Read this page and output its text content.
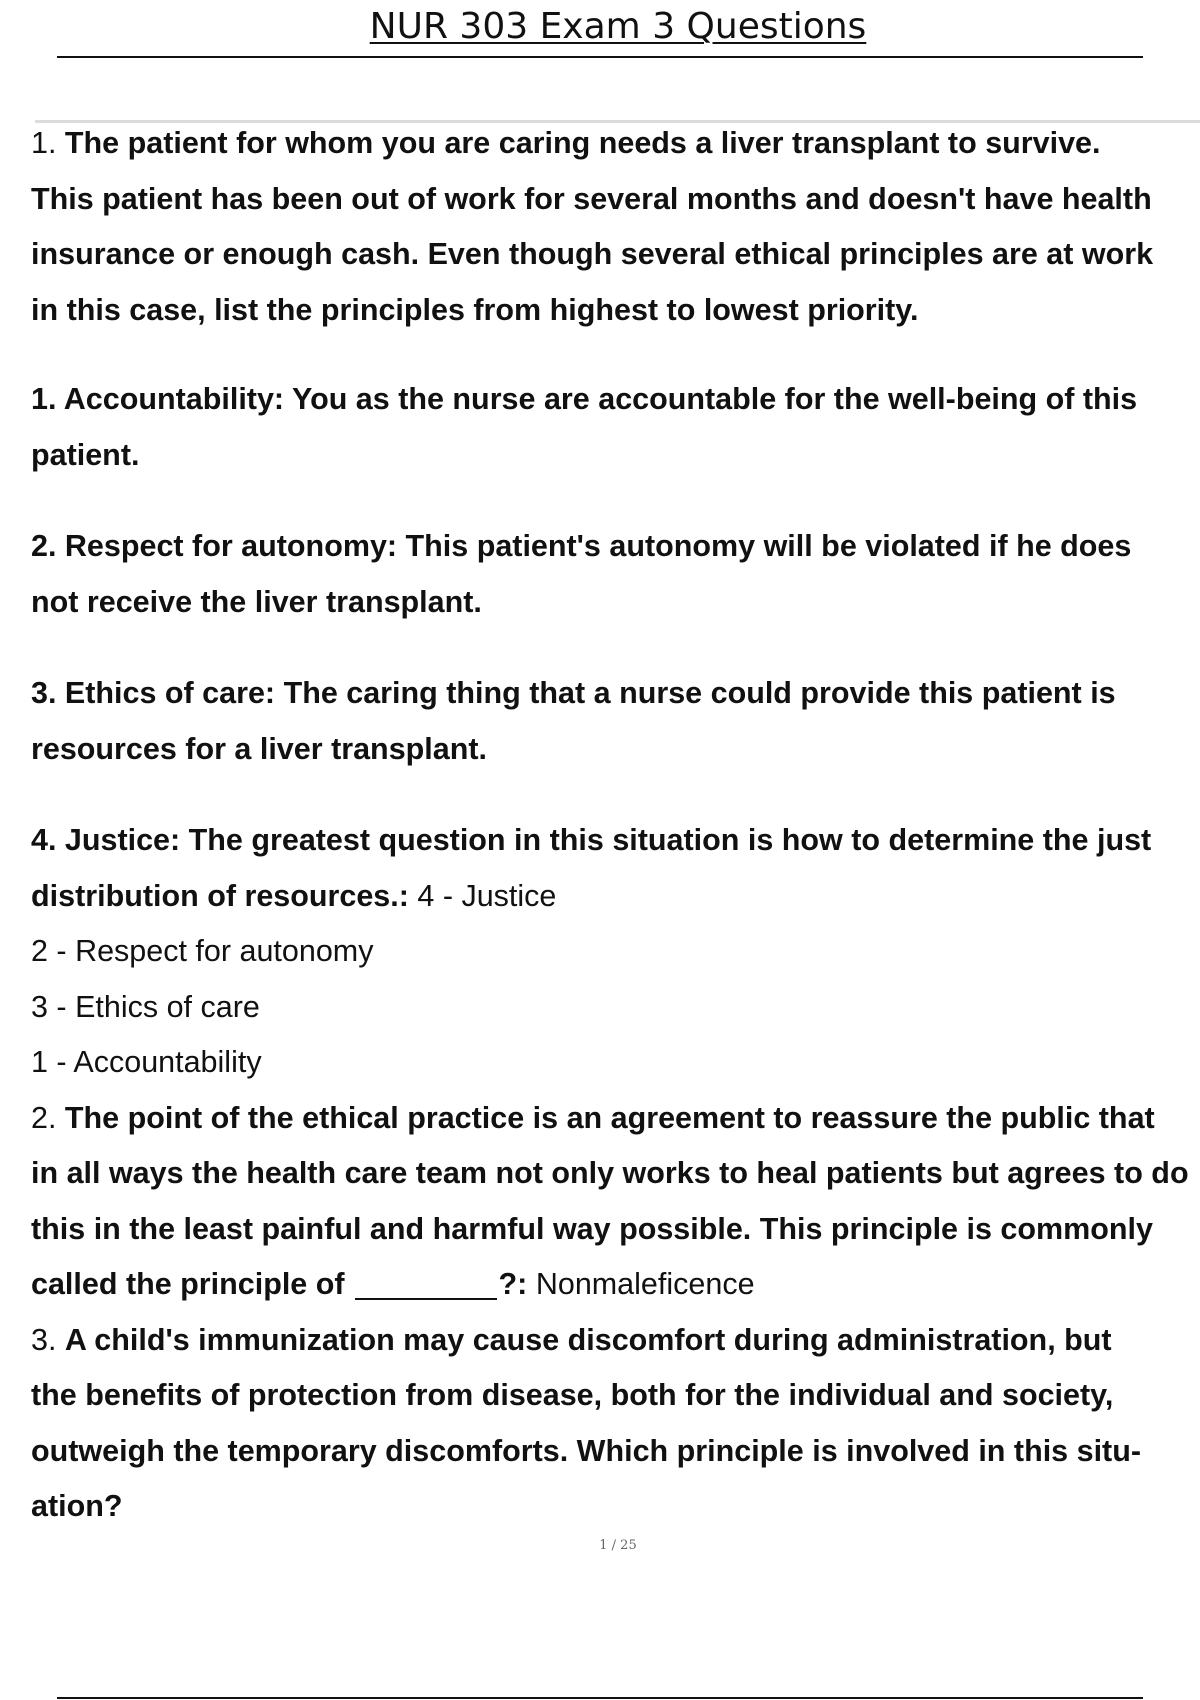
NUR 303 Exam 3 Questions
1. The patient for whom you are caring needs a liver transplant to survive.
This patient has been out of work for several months and doesn't have health
insurance or enough cash. Even though several ethical principles are at work
in this case, list the principles from highest to lowest priority.
1. Accountability: You as the nurse are accountable for the well-being of this
patient.
2. Respect for autonomy: This patient's autonomy will be violated if he does
not receive the liver transplant.
3. Ethics of care: The caring thing that a nurse could provide this patient is
resources for a liver transplant.
4. Justice: The greatest question in this situation is how to determine the just
distribution of resources.: 4 - Justice
2 - Respect for autonomy
3 - Ethics of care
1 - Accountability
2. The point of the ethical practice is an agreement to reassure the public that
in all ways the health care team not only works to heal patients but agrees to do
this in the least painful and harmful way possible. This principle is commonly
called the principle of	?: Nonmaleficence
3. A child's immunization may cause discomfort during administration, but
the benefits of protection from disease, both for the individual and society,
outweigh the temporary discomforts. Which principle is involved in this situ-
ation?
1 / 25
